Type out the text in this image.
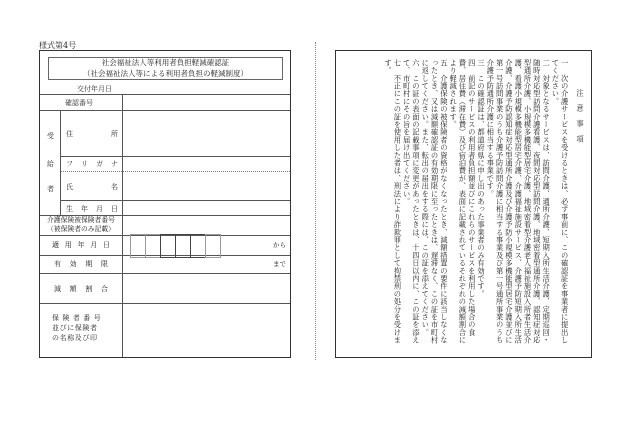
様式第4号
社会福祉法人等利用者負担軽減確認証
（社会福祉法人等による利用者負担の軽減制度）
交付年月日
確認番号
受
給
者
住	所
フ リ ガ ナ
氏	名
生 年 月 日
介護保険被保険者番号
（被保険者のみ記載）
適 用 年 月 日	から
有 効 期 限	まで
減 額 割 合
保 険 者 番 号
並びに保険者
の名称及び印
注意事項
一　次の介護サービスを受けるときは、必ず事前に、この確認証を事業者に提出してください。
二　対象となるサービスは、訪問介護、通所介護、短期入所生活介護、定期巡回・随時対応型訪問介護看護、夜間対応型訪問介護、地域密着型通所介護、認知症対応型通所介護、小規模多機能型居宅介護、地域密着型介護老人福祉施設入所者生活介護、看護小規模多機能型居宅介護、介護福祉施設サービス、介護予防短期入所生活介護、介護予防認知症対応型通所介護及び介護予防小規模多機能型居宅介護並びに第一号訪問事業のうち介護予防訪問介護に相当する事業及び第一号通所事業のうち介護予防通所介護に相当する事業です。
三　この確認証は、都道府県に申し出のあった事業者のみ有効です。
四　前記のサービスの利用者負担額並びにこれらのサービスを利用した場合の食費、居住費（滞在費）及び宿泊費が、表面に記載されているそれぞれの減額割合により軽減されます。
五　介護保険の被保険者の資格がなくなったとき、減額措置の要件に該当しなくなったとき、又は減額確認証の有効期限に至ったときは、遅滞なく、この証を市町村に返してください。また、転出の届出をする際には、この証を添えてください。
六　この証の表面の記載事項に変更があったときは、十四日以内に、この証を添えて、市町村にその旨を届け出てください。
七　不正にこの証を使用した者は、刑法により詐欺罪として拘禁刑の処分を受けます。
